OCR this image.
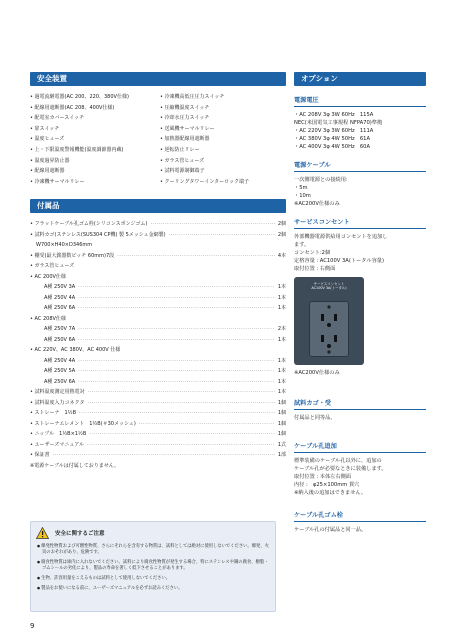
安全装置
• 過電流継電器(AC 200、220、380V仕様)
• 配線用遮断器(AC 208、400V仕様)
• 配電室カバースイッチ
• 扉スイッチ
• 温度ヒューズ
• 上・下限温度警報機能(温度調節器内蔵)
• 温度過昇防止器
• 配線用遮断器
• 冷凍機サーマルリレー
• 冷凍機高低圧圧力スイッチ
• 圧縮機温度スイッチ
• 冷却水圧力スイッチ
• 送風機サーマルリレー
• 加熱器配線用遮断器
• 逆転防止リレー
• ガラス管ヒューズ
• 試料電源制御端子
• クーリングタワーインターロック端子
付属品
• フラットケーブル孔ゴム栓(シリコンスポンジゴム) ·····	2個
• 試料カゴ(ステンレス(SUS304 CP機) 製 5メッシュ金網製) ·····	2個
W700×H40×D346mm
• 棚受(最大銘器数ピッチ 60mm)7段 ·····	4本
• ガラス管ヒューズ
• AC 200V仕様
A種 250V 3A ·····	1本
A種 250V 4A ·····	1本
A種 250V 6A ·····	1本
• AC 208V仕様
A種 250V 7A ·····	2本
A種 250V 6A ·····	1本
• AC 220V、AC 380V、AC 400V 仕様
A種 250V 4A ·····	1本
A種 250V 5A ·····	1本
A種 250V 6A ·····	1本
• 試料温度測定用熱電対 ·····	1本
• 試料温度入力コネクタ ·····	1個
• ストレーナ　1½B ·····	1個
• ストレーナエレメント　1½B(＃30メッシュ) ·····	1個
• ニップル　1½B×1½B ·····	1個
• ユーザーズマニュアル ·····	1式
• 保証書 ·····	1部
※電源ケーブルは付属しておりません。
安全に関するご注意

● 爆発性物質および可燃性物質、さらにそれらを含有する物質は、試料としては絶対に使用しないでください。爆発、火災のおそれがあり、危険です。

● 腐食性物質は庫内に入れないでください。試料により腐食性物質が発生する場合、特にステンレスや銅の腐食、樹脂・ゴムシールの劣化により、製品の寿命を著しく低下させることがあります。

● 生物、許容用量をこえるものは試料として使用しないでください。

● 製品をお使いになる前に、ユーザーズマニュアルを必ずお読みください。

オプション
電源電圧
・AC 208V 3φ 3W 60Hz　115A
NEC(米国電気工事規程 NFPA70)準拠
・AC 220V 3φ 3W 60Hz　111A
・AC 380V 3φ 4W 50Hz　61A
・AC 400V 3φ 4W 50Hz　60A
電源ケーブル
一次側電源との接続用:
・5m
・10m
※AC200V仕様のみ
サービスコンセント
外部機器電源供給用コンセントを追加し
ます。
コンセント:2個
定格容量 : AC100V 3A(トータル容量)
取付位置 : 右側面
サービスコンセント
AC100V 3A(トータル)
※AC200V仕様のみ
試料カゴ・受
付属品と同等品。
ケーブル孔追加
標準装備のケーブル孔以外に、追加の
ケーブル孔が必要なときに装備します。
取付位置 : 本体左右側面
内径 :　φ25×100mm 貫穴
※納入後の追加はできません。
ケーブル孔ゴム栓
ケーブル孔の付属品と同一品。
9
